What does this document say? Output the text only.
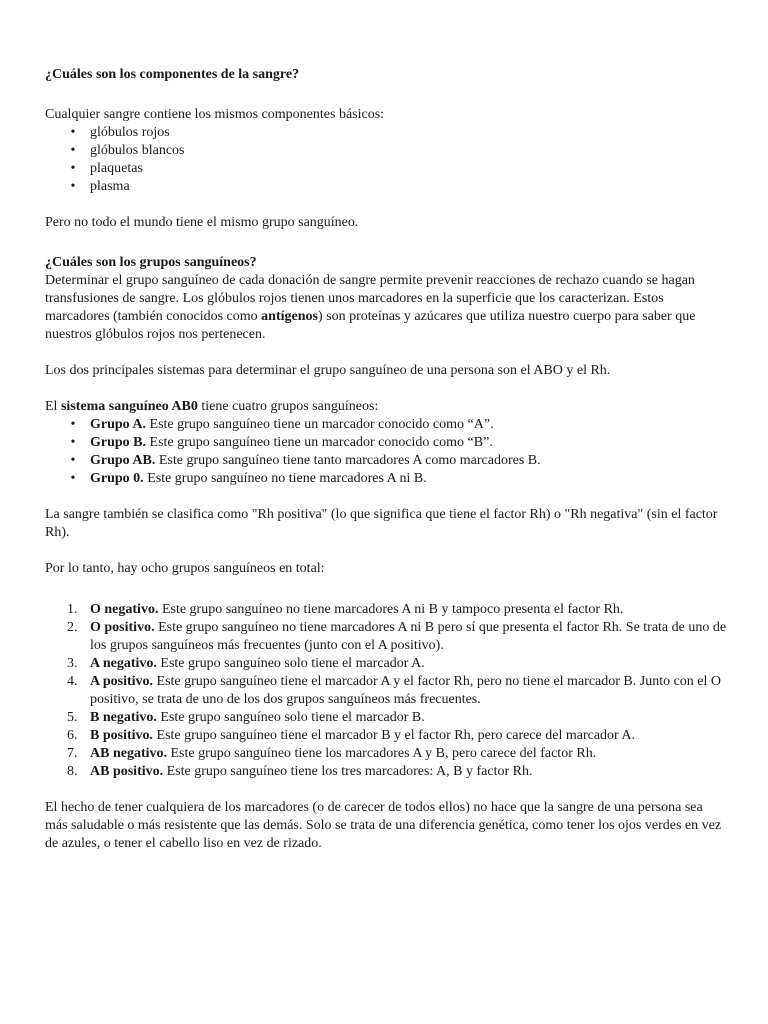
¿Cuáles son los componentes de la sangre?

Cualquier sangre contiene los mismos componentes básicos:

• glóbulos rojos
• glóbulos blancos
• plaquetas
• plasma

Pero no todo el mundo tiene el mismo grupo sanguíneo.

¿Cuáles son los grupos sanguíneos?

Determinar el grupo sanguíneo de cada donación de sangre permite prevenir reacciones de rechazo cuando se hagan transfusiones de sangre. Los glóbulos rojos tienen unos marcadores en la superficie que los caracterizan. Estos marcadores (también conocidos como antígenos) son proteínas y azúcares que utiliza nuestro cuerpo para saber que nuestros glóbulos rojos nos pertenecen.

Los dos principales sistemas para determinar el grupo sanguíneo de una persona son el ABO y el Rh.

El sistema sanguíneo AB0 tiene cuatro grupos sanguíneos:

• Grupo A. Este grupo sanguíneo tiene un marcador conocido como “A”.
• Grupo B. Este grupo sanguíneo tiene un marcador conocido como “B”.
• Grupo AB. Este grupo sanguíneo tiene tanto marcadores A como marcadores B.
• Grupo 0. Este grupo sanguíneo no tiene marcadores A ni B.

La sangre también se clasifica como "Rh positiva" (lo que significa que tiene el factor Rh) o "Rh negativa" (sin el factor Rh).

Por lo tanto, hay ocho grupos sanguíneos en total:

1. O negativo. Este grupo sanguíneo no tiene marcadores A ni B y tampoco presenta el factor Rh.
2. O positivo. Este grupo sanguíneo no tiene marcadores A ni B pero sí que presenta el factor Rh. Se trata de uno de los grupos sanguíneos más frecuentes (junto con el A positivo).
3. A negativo. Este grupo sanguíneo solo tiene el marcador A.
4. A positivo. Este grupo sanguíneo tiene el marcador A y el factor Rh, pero no tiene el marcador B. Junto con el O positivo, se trata de uno de los dos grupos sanguíneos más frecuentes.
5. B negativo. Este grupo sanguíneo solo tiene el marcador B.
6. B positivo. Este grupo sanguíneo tiene el marcador B y el factor Rh, pero carece del marcador A.
7. AB negativo. Este grupo sanguíneo tiene los marcadores A y B, pero carece del factor Rh.
8. AB positivo. Este grupo sanguíneo tiene los tres marcadores: A, B y factor Rh.

El hecho de tener cualquiera de los marcadores (o de carecer de todos ellos) no hace que la sangre de una persona sea más saludable o más resistente que las demás. Solo se trata de una diferencia genética, como tener los ojos verdes en vez de azules, o tener el cabello liso en vez de rizado.
